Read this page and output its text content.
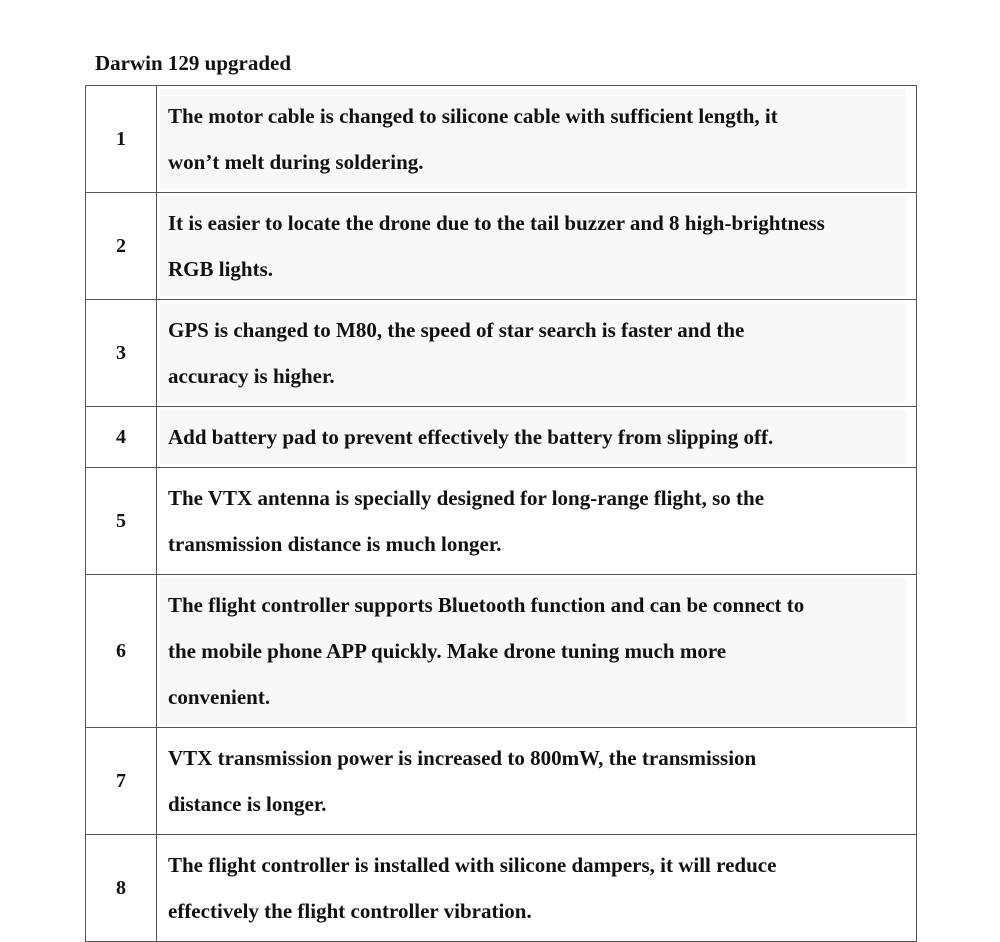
Darwin 129 upgraded
1	The motor cable is changed to silicone cable with sufficient length, it
won’t melt during soldering.

2	It is easier to locate the drone due to the tail buzzer and 8 high-brightness
RGB lights.

3	GPS is changed to M80, the speed of star search is faster and the
accuracy is higher.

4	Add battery pad to prevent effectively the battery from slipping off.

5	The VTX antenna is specially designed for long-range flight, so the
transmission distance is much longer.

6	The flight controller supports Bluetooth function and can be connect to
the mobile phone APP quickly. Make drone tuning much more
convenient.

7	VTX transmission power is increased to 800mW, the transmission
distance is longer.

8	The flight controller is installed with silicone dampers, it will reduce
effectively the flight controller vibration.
